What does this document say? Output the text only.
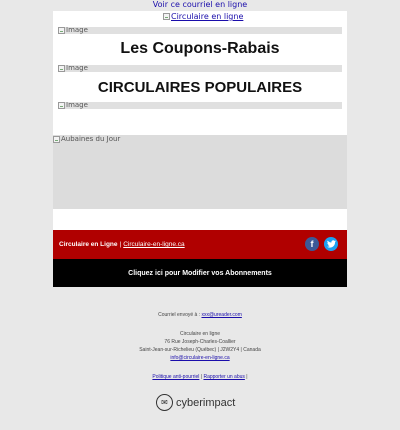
Voir ce courriel en ligne
Circulaire en ligne
Image
Les Coupons-Rabais
Image
CIRCULAIRES POPULAIRES
Image
Aubaines du Jour
Circulaire en Ligne | Circulaire-en-ligne.ca	f
Cliquez ici pour Modifier vos Abonnements
Courriel envoyé à : xxx@ureader.com
Circulaire en ligne
76 Rue Joseph-Charles-Coallier
Saint-Jean-sur-Richelieu (Québec) | J2W2Y4 | Canada
info@circulaire-en-ligne.ca
Politique anti-pourriel | Rapporter un abus |
✉ cyberimpact
